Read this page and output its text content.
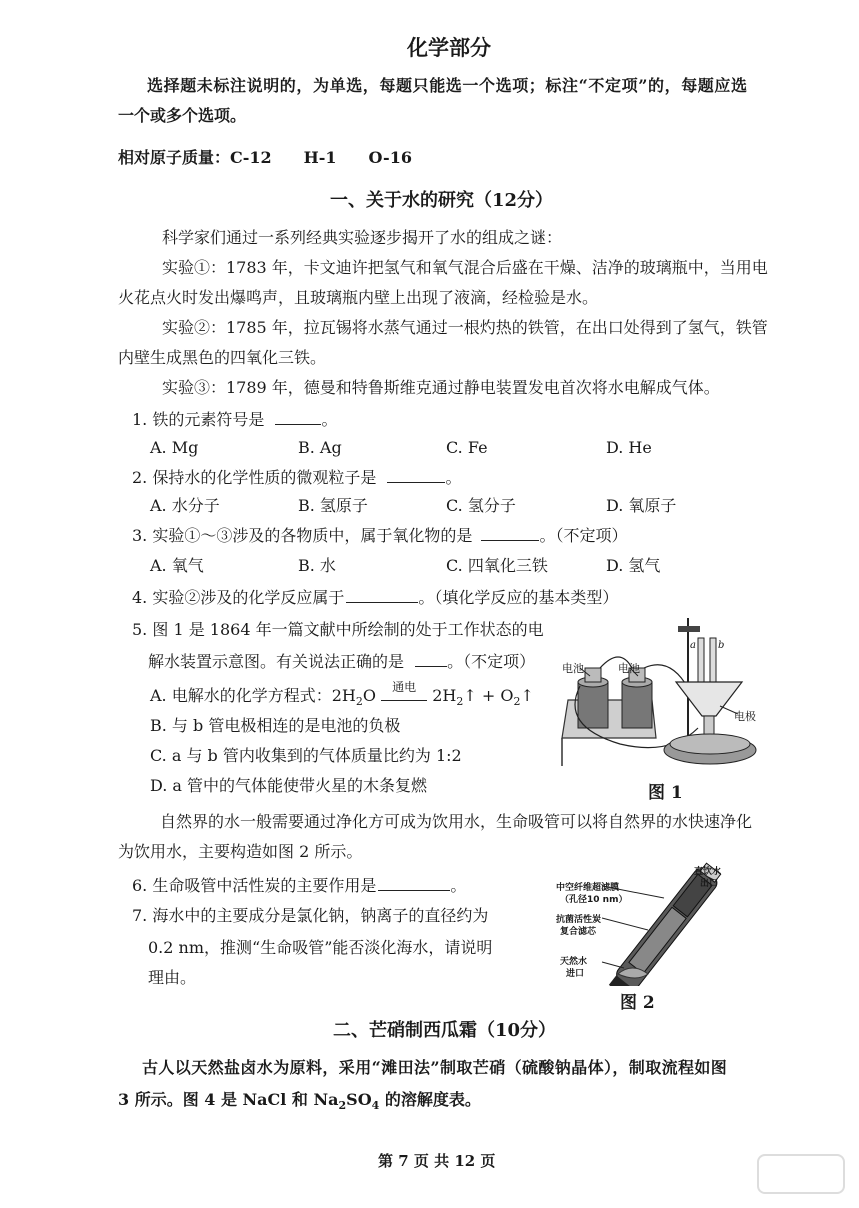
化学部分
选择题未标注说明的，为单选，每题只能选一个选项；标注“不定项”的，每题应选
一个或多个选项。
相对原子质量：C-12　　H-1　　O-16
一、关于水的研究（12分）
科学家们通过一系列经典实验逐步揭开了水的组成之谜：
实验①：1783 年，卡文迪许把氢气和氧气混合后盛在干燥、洁净的玻璃瓶中，当用电
火花点火时发出爆鸣声，且玻璃瓶内壁上出现了液滴，经检验是水。
实验②：1785 年，拉瓦锡将水蒸气通过一根灼热的铁管，在出口处得到了氢气，铁管
内壁生成黑色的四氧化三铁。
实验③：1789 年，德曼和特鲁斯维克通过静电装置发电首次将水电解成气体。
1. 铁的元素符号是	。
A. Mg	B. Ag	C. Fe	D. He
2. 保持水的化学性质的微观粒子是	。
A. 水分子	B. 氢原子	C. 氢分子	D. 氧原子
3. 实验①～③涉及的各物质中，属于氧化物的是	。（不定项）
A. 氧气	B. 水	C. 四氧化三铁	D. 氢气
4. 实验②涉及的化学反应属于	。（填化学反应的基本类型）
5. 图 1 是 1864 年一篇文献中所绘制的处于工作状态的电
解水装置示意图。有关说法正确的是	。（不定项）
A. 电解水的化学方程式：$2H_2O$	通电	$2H_2↑$ + $O_2↑$
B. 与 b 管电极相连的是电池的负极
C. a 与 b 管内收集到的气体质量比约为 1:2
D. a 管中的气体能使带火星的木条复燃
电池	电池
电极
a b
图 1
自然界的水一般需要通过净化方可成为饮用水，生命吸管可以将自然界的水快速净化
为饮用水，主要构造如图 2 所示。
6. 生命吸管中活性炭的主要作用是	。
7. 海水中的主要成分是氯化钠，钠离子的直径约为
0.2 nm，推测“生命吸管”能否淡化海水，请说明
理由。
中空纤维超滤膜
（孔径10 nm）
抗菌活性炭
复合滤芯
天然水
进口
直饮水
出口
图 2
二、芒硝制西瓜霜（10分）
古人以天然盐卤水为原料，采用“滩田法”制取芒硝（硫酸钠晶体），制取流程如图
3 所示。图 4 是 NaCl 和 $Na_2SO_4$ 的溶解度表。
第 7 页 共 12 页
